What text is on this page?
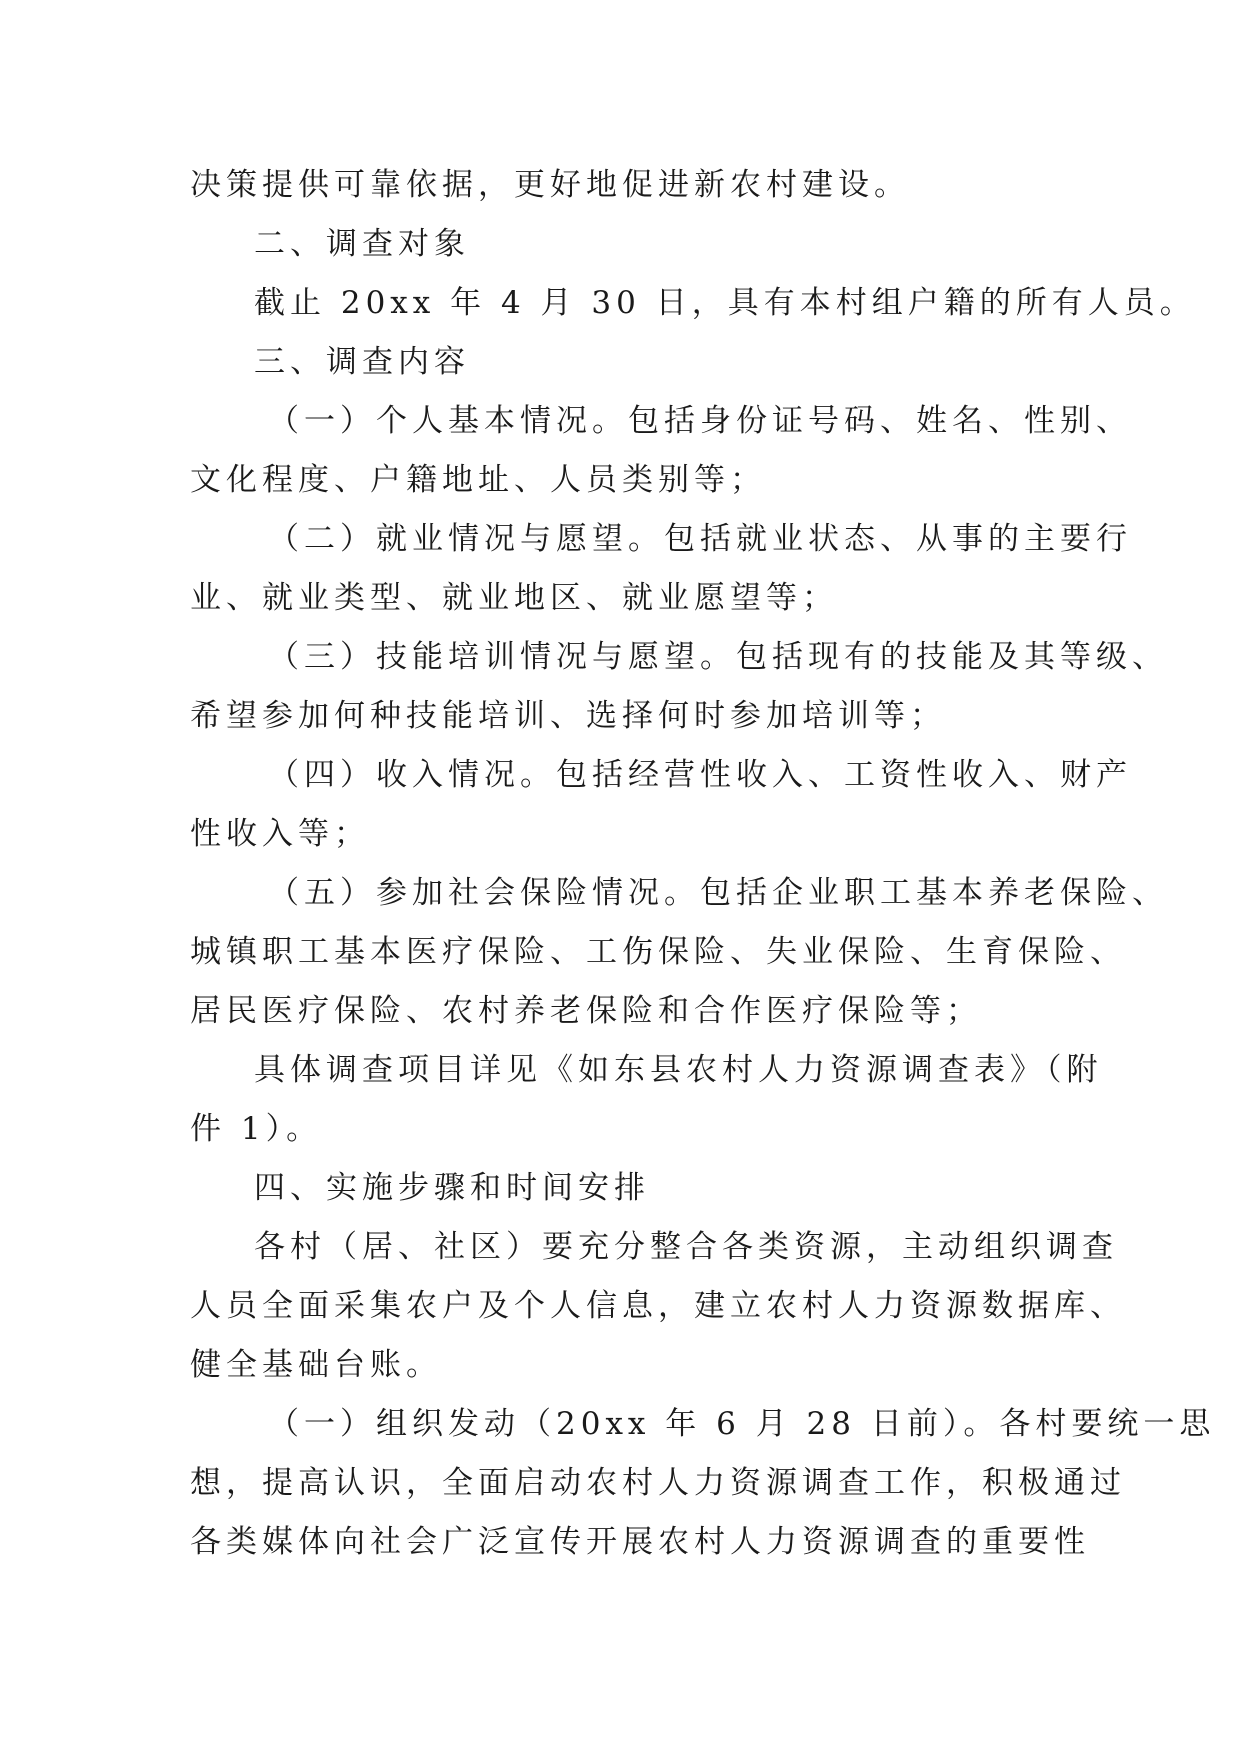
决策提供可靠依据，更好地促进新农村建设。
二、调查对象
截止 20xx 年 4 月 30 日，具有本村组户籍的所有人员。
三、调查内容
（一）个人基本情况。包括身份证号码、姓名、性别、
文化程度、户籍地址、人员类别等；
（二）就业情况与愿望。包括就业状态、从事的主要行
业、就业类型、就业地区、就业愿望等；
（三）技能培训情况与愿望。包括现有的技能及其等级、
希望参加何种技能培训、选择何时参加培训等；
（四）收入情况。包括经营性收入、工资性收入、财产
性收入等；
（五）参加社会保险情况。包括企业职工基本养老保险、
城镇职工基本医疗保险、工伤保险、失业保险、生育保险、
居民医疗保险、农村养老保险和合作医疗保险等；
具体调查项目详见《如东县农村人力资源调查表》（附
件 1）。
四、实施步骤和时间安排
各村（居、社区）要充分整合各类资源，主动组织调查
人员全面采集农户及个人信息，建立农村人力资源数据库、
健全基础台账。
（一）组织发动（20xx 年 6 月 28 日前）。各村要统一思
想，提高认识，全面启动农村人力资源调查工作，积极通过
各类媒体向社会广泛宣传开展农村人力资源调查的重要性
